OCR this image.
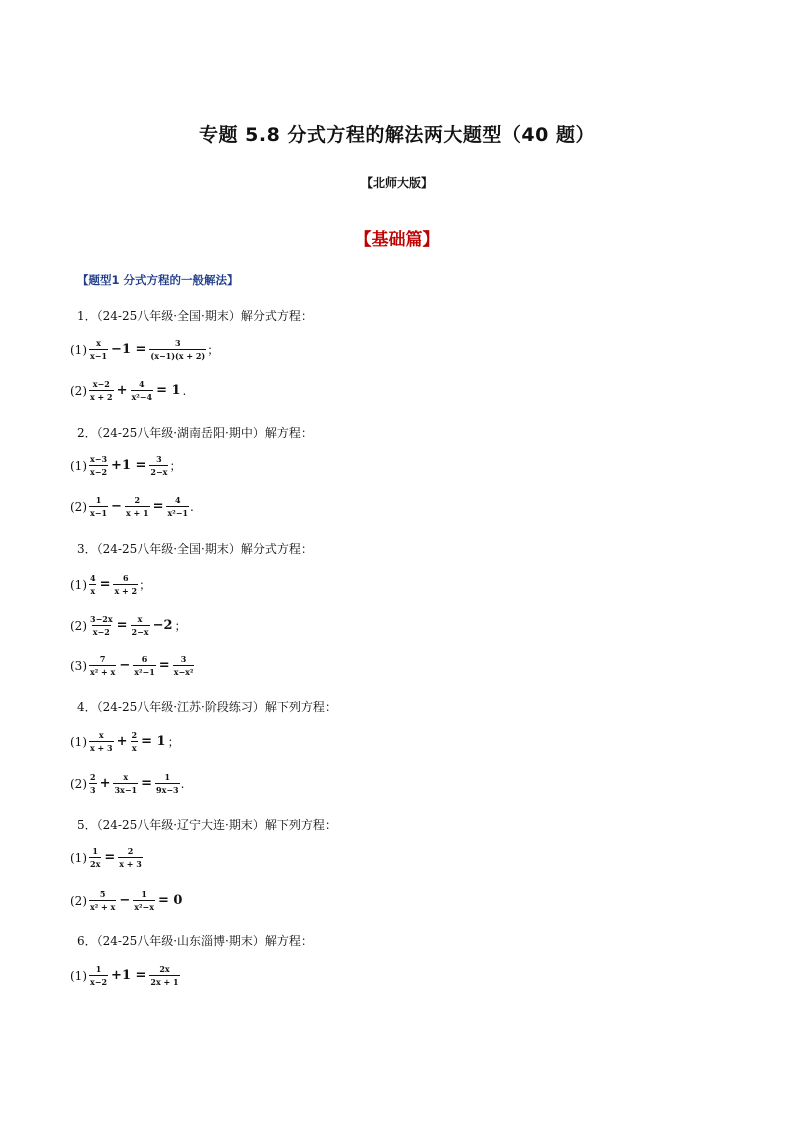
专题 5.8 分式方程的解法两大题型（40 题）
【北师大版】
【基础篇】
【题型1 分式方程的一般解法】
1．（24-25八年级·全国·期末）解分式方程：
$(1) \frac{x}{x-1} -1 = \frac{3}{(x-1)(x + 2)}$ ；
$(2) \frac{x-2}{x + 2} + \frac{4}{\text{x²−4}} = 1$ .
2．（24-25八年级·湖南岳阳·期中）解方程：
$(1) \frac{x-3}{x-2} +1 = \frac{3}{2-x}$ ；
$(2) \frac{1}{x-1} - \frac{2}{x + 1} = \frac{4}{\text{x²−1}}$ .
3．（24-25八年级·全国·期末）解分式方程：
$(1) \frac{4}{x} = \frac{6}{x + 2}$ ；
$(2) \frac{3-2x}{x-2} = \frac{x}{2-x} -2$ ；
$(3) \frac{7}{\text{x² + x}} - \frac{6}{\text{x²−1}} = \frac{3}{\text{x−x²}}$
4．（24-25八年级·江苏·阶段练习）解下列方程：
$(1) \frac{x}{x + 3} + \frac{2}{x} = 1$ ；
$(2) \frac{2}{3} + \frac{x}{3x-1} = \frac{1}{9x-3}$ .
5．（24-25八年级·辽宁大连·期末）解下列方程：
$(1) \frac{1}{2x} = \frac{2}{x + 3}$
$(2) \frac{5}{\text{x² + x}} - \frac{1}{\text{x²−x}} = 0$
6．（24-25八年级·山东淄博·期末）解方程：
$(1) \frac{1}{x-2} +1 = \frac{2x}{2x + 1}$
